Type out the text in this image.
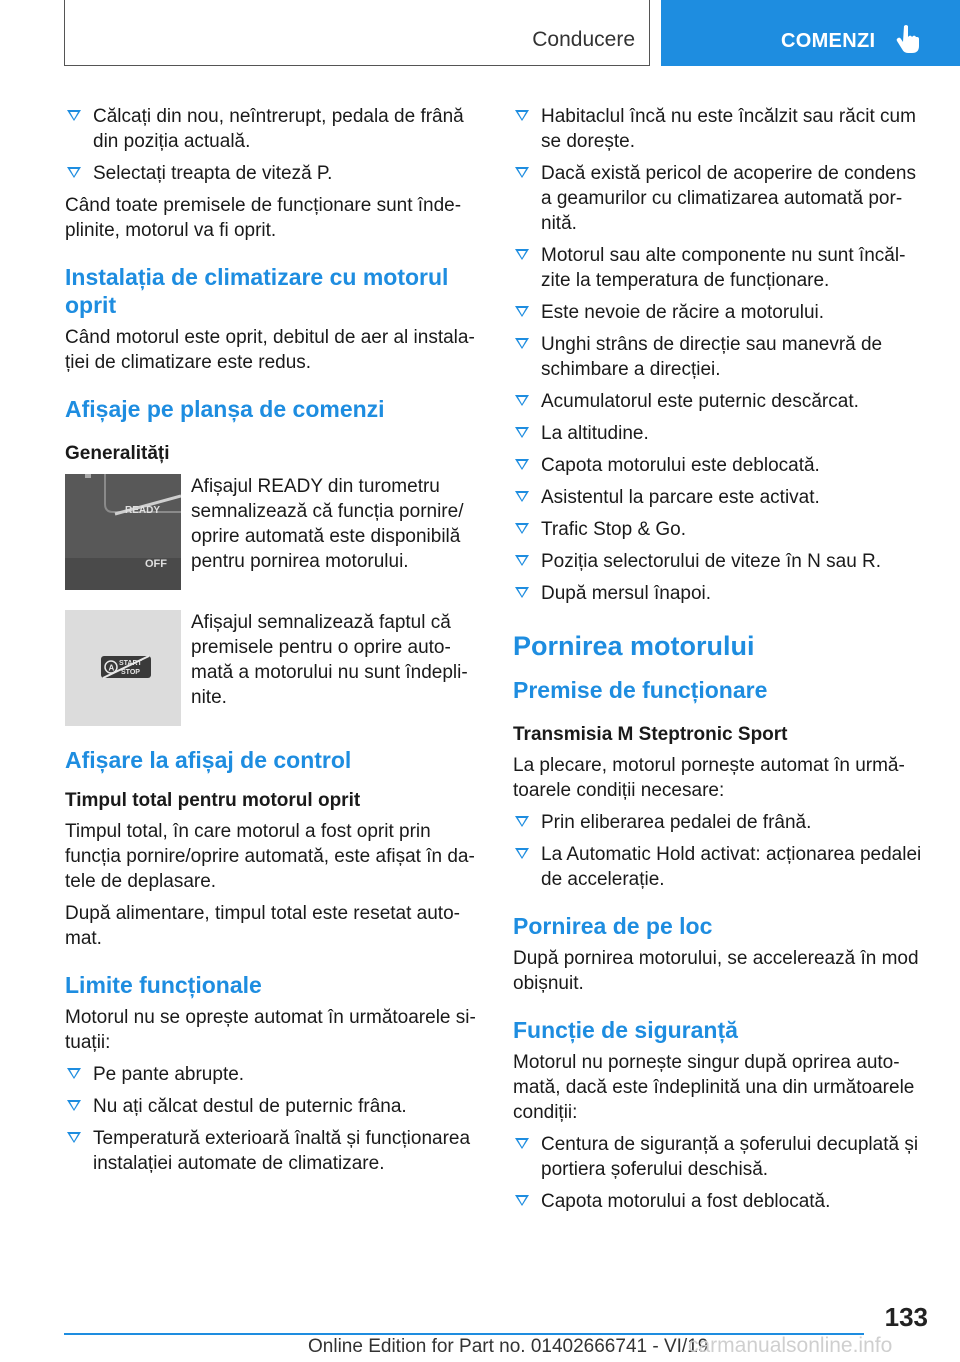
Conducere	COMENZI
Călcați din nou, neîntrerupt, pedala de frână din poziția actuală.
Selectați treapta de viteză P.

Când toate premisele de funcționare sunt îndeplinite, motorul va fi oprit.

Instalația de climatizare cu motorul oprit

Când motorul este oprit, debitul de aer al instalației de climatizare este redus.

Afișaje pe planșa de comenzi
Generalități
READY
OFF
Afișajul READY din turometru semnalizează că funcția pornire/ oprire automată este disponibilă pentru pornirea motorului.
A START
STOP
Afișajul semnalizează faptul că premisele pentru o oprire automată a motorului nu sunt îndeplinite.
Afișare la afișaj de control
Timpul total pentru motorul oprit

Timpul total, în care motorul a fost oprit prin funcția pornire/oprire automată, este afișat în datele de deplasare.

După alimentare, timpul total este resetat automat.

Limite funcționale

Motorul nu se oprește automat în următoarele situații:

Pe pante abrupte.
Nu ați călcat destul de puternic frâna.
Temperatură exterioară înaltă și funcționarea instalației automate de climatizare.
Habitaclul încă nu este încălzit sau răcit cum se dorește.
Dacă există pericol de acoperire de condens a geamurilor cu climatizarea automată pornită.
Motorul sau alte componente nu sunt încălzite la temperatura de funcționare.
Este nevoie de răcire a motorului.
Unghi strâns de direcție sau manevră de schimbare a direcției.
Acumulatorul este puternic descărcat.
La altitudine.
Capota motorului este deblocată.
Asistentul la parcare este activat.
Trafic Stop & Go.
Poziția selectorului de viteze în N sau R.
După mersul înapoi.
Pornirea motorului
Premise de funcționare
Transmisia M Steptronic Sport

La plecare, motorul pornește automat în următoarele condiții necesare:

Prin eliberarea pedalei de frână.
La Automatic Hold activat: acționarea pedalei de accelerație.
Pornirea de pe loc

După pornirea motorului, se accelerează în mod obișnuit.

Funcție de siguranță

Motorul nu pornește singur după oprirea automată, dacă este îndeplinită una din următoarele condiții:

Centura de siguranță a șoferului decuplată și portiera șoferului deschisă.
Capota motorului a fost deblocată.
133
Online Edition for Part no. 01402666741 - VI/19
carmanualsonline.info
